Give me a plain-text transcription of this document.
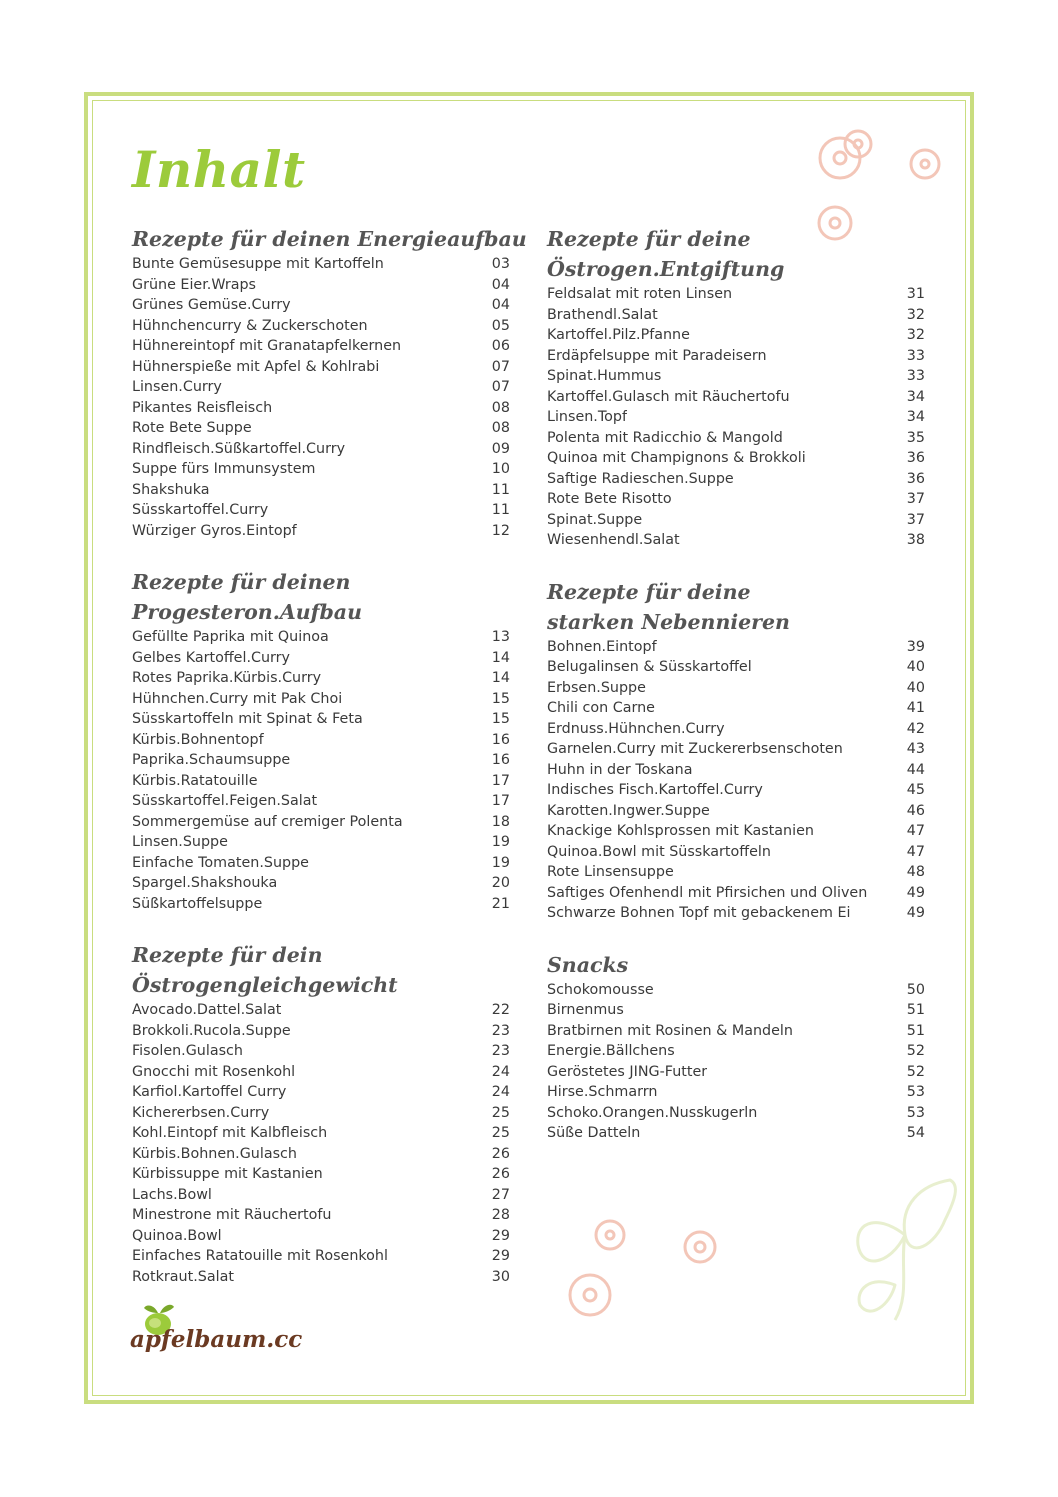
Inhalt
Rezepte für deinen Energieaufbau
Bunte Gemüsesuppe mit Kartoffeln	03
Grüne Eier.Wraps	04
Grünes Gemüse.Curry	04
Hühnchencurry & Zuckerschoten	05
Hühnereintopf mit Granatapfelkernen	06
Hühnerspieße mit Apfel & Kohlrabi	07
Linsen.Curry	07
Pikantes Reisfleisch	08
Rote Bete Suppe	08
Rindfleisch.Süßkartoffel.Curry	09
Suppe fürs Immunsystem	10
Shakshuka	11
Süsskartoffel.Curry	11
Würziger Gyros.Eintopf	12
Rezepte für deinen
Progesteron.Aufbau
Gefüllte Paprika mit Quinoa	13
Gelbes Kartoffel.Curry	14
Rotes Paprika.Kürbis.Curry	14
Hühnchen.Curry mit Pak Choi	15
Süsskartoffeln mit Spinat & Feta	15
Kürbis.Bohnentopf	16
Paprika.Schaumsuppe	16
Kürbis.Ratatouille	17
Süsskartoffel.Feigen.Salat	17
Sommergemüse auf cremiger Polenta	18
Linsen.Suppe	19
Einfache Tomaten.Suppe	19
Spargel.Shakshouka	20
Süßkartoffelsuppe	21
Rezepte für dein
Östrogengleichgewicht
Avocado.Dattel.Salat	22
Brokkoli.Rucola.Suppe	23
Fisolen.Gulasch	23
Gnocchi mit Rosenkohl	24
Karfiol.Kartoffel Curry	24
Kichererbsen.Curry	25
Kohl.Eintopf mit Kalbfleisch	25
Kürbis.Bohnen.Gulasch	26
Kürbissuppe mit Kastanien	26
Lachs.Bowl	27
Minestrone mit Räuchertofu	28
Quinoa.Bowl	29
Einfaches Ratatouille mit Rosenkohl	29
Rotkraut.Salat	30
Rezepte für deine
Östrogen.Entgiftung
Feldsalat mit roten Linsen	31
Brathendl.Salat	32
Kartoffel.Pilz.Pfanne	32
Erdäpfelsuppe mit Paradeisern	33
Spinat.Hummus	33
Kartoffel.Gulasch mit Räuchertofu	34
Linsen.Topf	34
Polenta mit Radicchio & Mangold	35
Quinoa mit Champignons & Brokkoli	36
Saftige Radieschen.Suppe	36
Rote Bete Risotto	37
Spinat.Suppe	37
Wiesenhendl.Salat	38
Rezepte für deine
starken Nebennieren
Bohnen.Eintopf	39
Belugalinsen & Süsskartoffel	40
Erbsen.Suppe	40
Chili con Carne	41
Erdnuss.Hühnchen.Curry	42
Garnelen.Curry mit Zuckererbsenschoten	43
Huhn in der Toskana	44
Indisches Fisch.Kartoffel.Curry	45
Karotten.Ingwer.Suppe	46
Knackige Kohlsprossen mit Kastanien	47
Quinoa.Bowl mit Süsskartoffeln	47
Rote Linsensuppe	48
Saftiges Ofenhendl mit Pfirsichen und Oliven	49
Schwarze Bohnen Topf mit gebackenem Ei	49
Snacks
Schokomousse	50
Birnenmus	51
Bratbirnen mit Rosinen & Mandeln	51
Energie.Bällchens	52
Geröstetes JING-Futter	52
Hirse.Schmarrn	53
Schoko.Orangen.Nusskugerln	53
Süße Datteln	54
apfelbaum.cc
